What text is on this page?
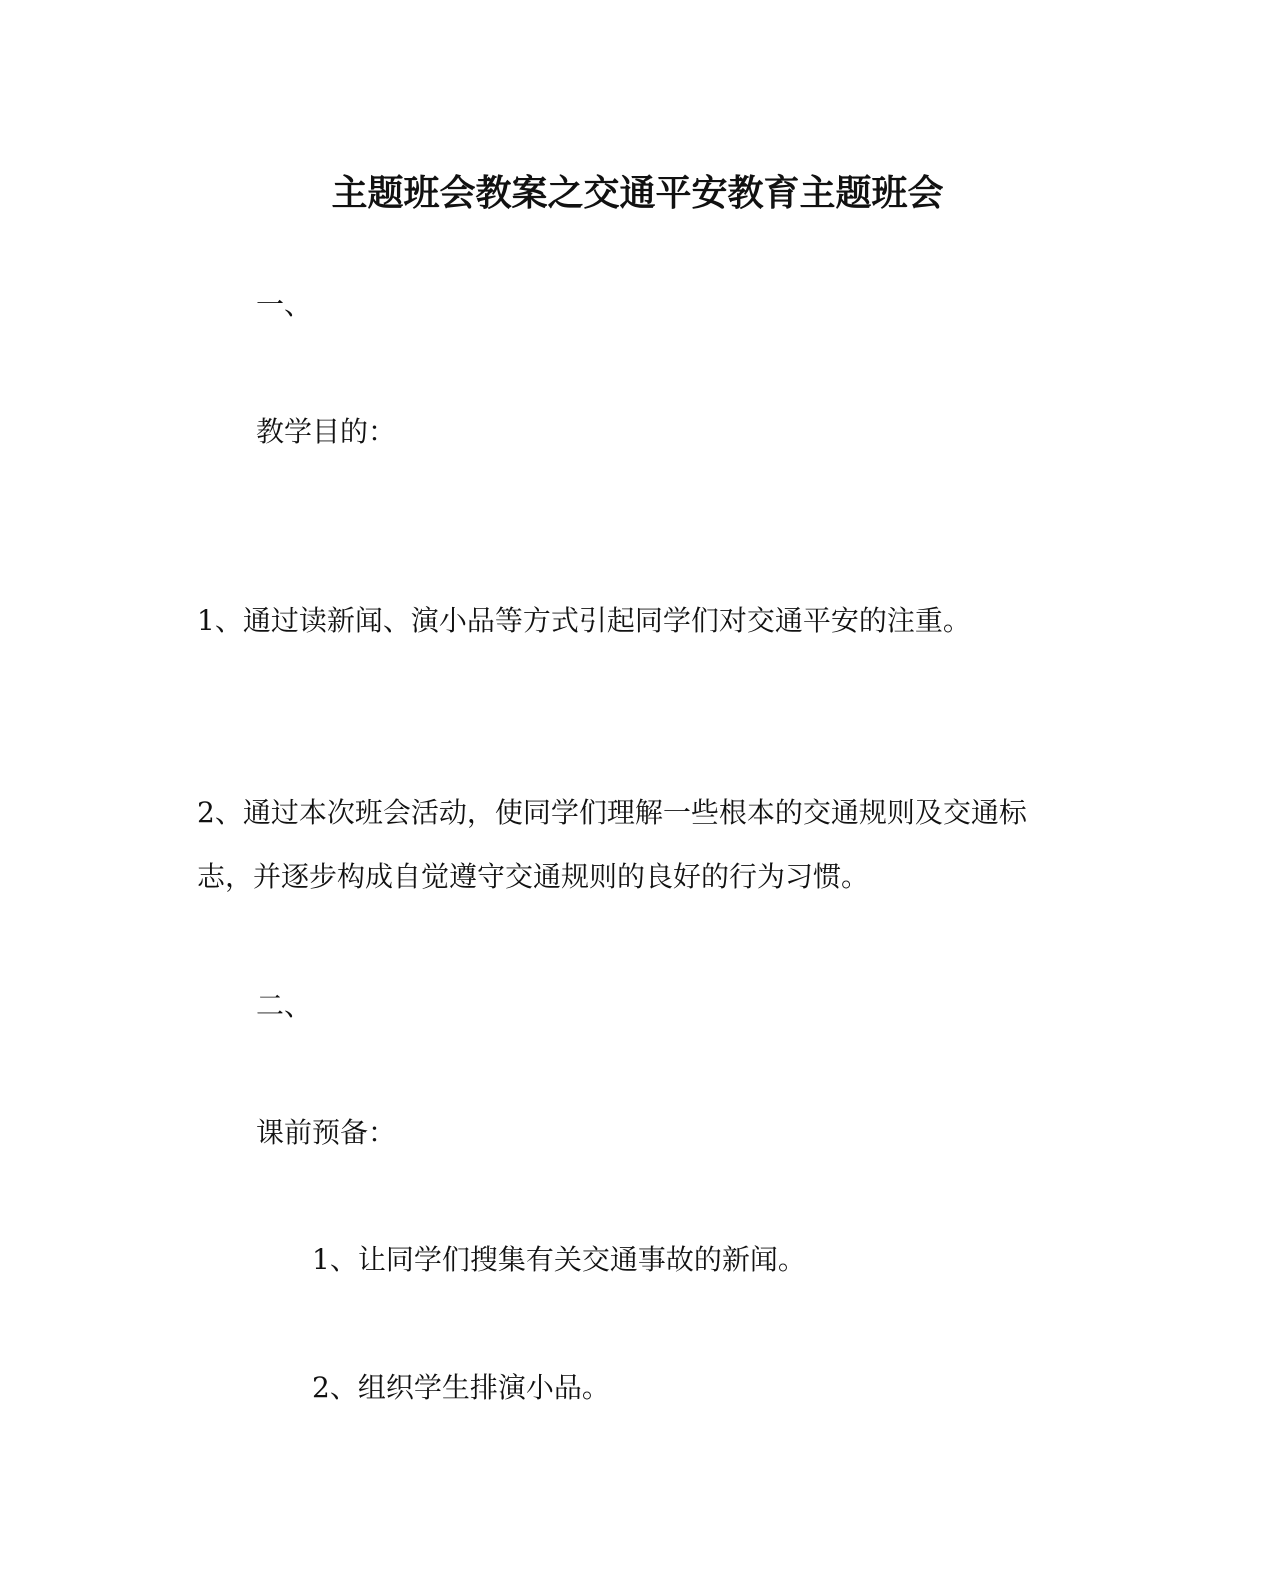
主题班会教案之交通平安教育主题班会

一、

教学目的：

1、通过读新闻、演小品等方式引起同学们对交通平安的注重。

2、通过本次班会活动，使同学们理解一些根本的交通规则及交通标

志，并逐步构成自觉遵守交通规则的良好的行为习惯。

二、

课前预备：

1、让同学们搜集有关交通事故的新闻。

2、组织学生排演小品。
